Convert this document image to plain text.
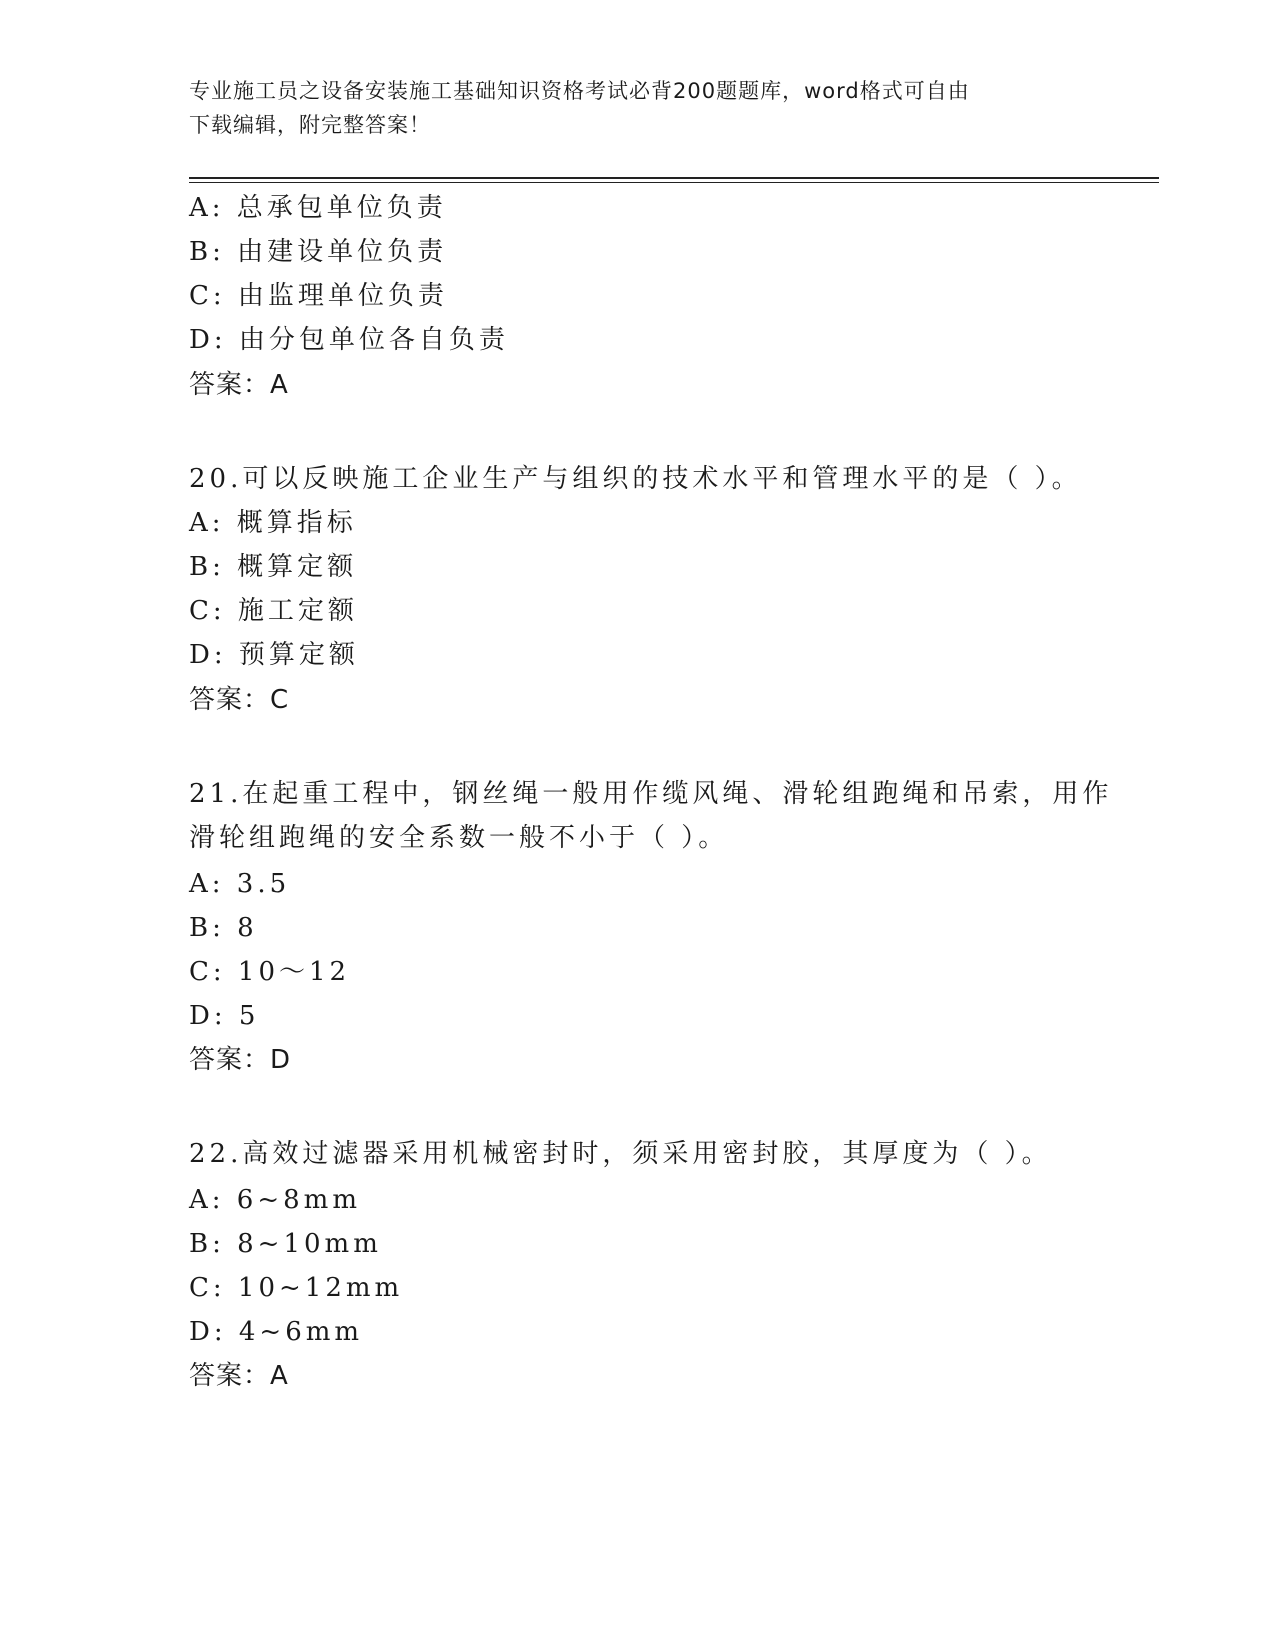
专业施工员之设备安装施工基础知识资格考试必背200题题库，word格式可自由
下载编辑，附完整答案！
A: 总承包单位负责
B: 由建设单位负责
C: 由监理单位负责
D: 由分包单位各自负责
答案：A
20.可以反映施工企业生产与组织的技术水平和管理水平的是（ ）。
A: 概算指标
B: 概算定额
C: 施工定额
D: 预算定额
答案：C
21.在起重工程中，钢丝绳一般用作缆风绳、滑轮组跑绳和吊索，用作
滑轮组跑绳的安全系数一般不小于（ ）。
A: 3.5
B: 8
C: 10～12
D: 5
答案：D
22.高效过滤器采用机械密封时，须采用密封胶，其厚度为（ ）。
A: 6~8mm
B: 8~10mm
C: 10~12mm
D: 4~6mm
答案：A
